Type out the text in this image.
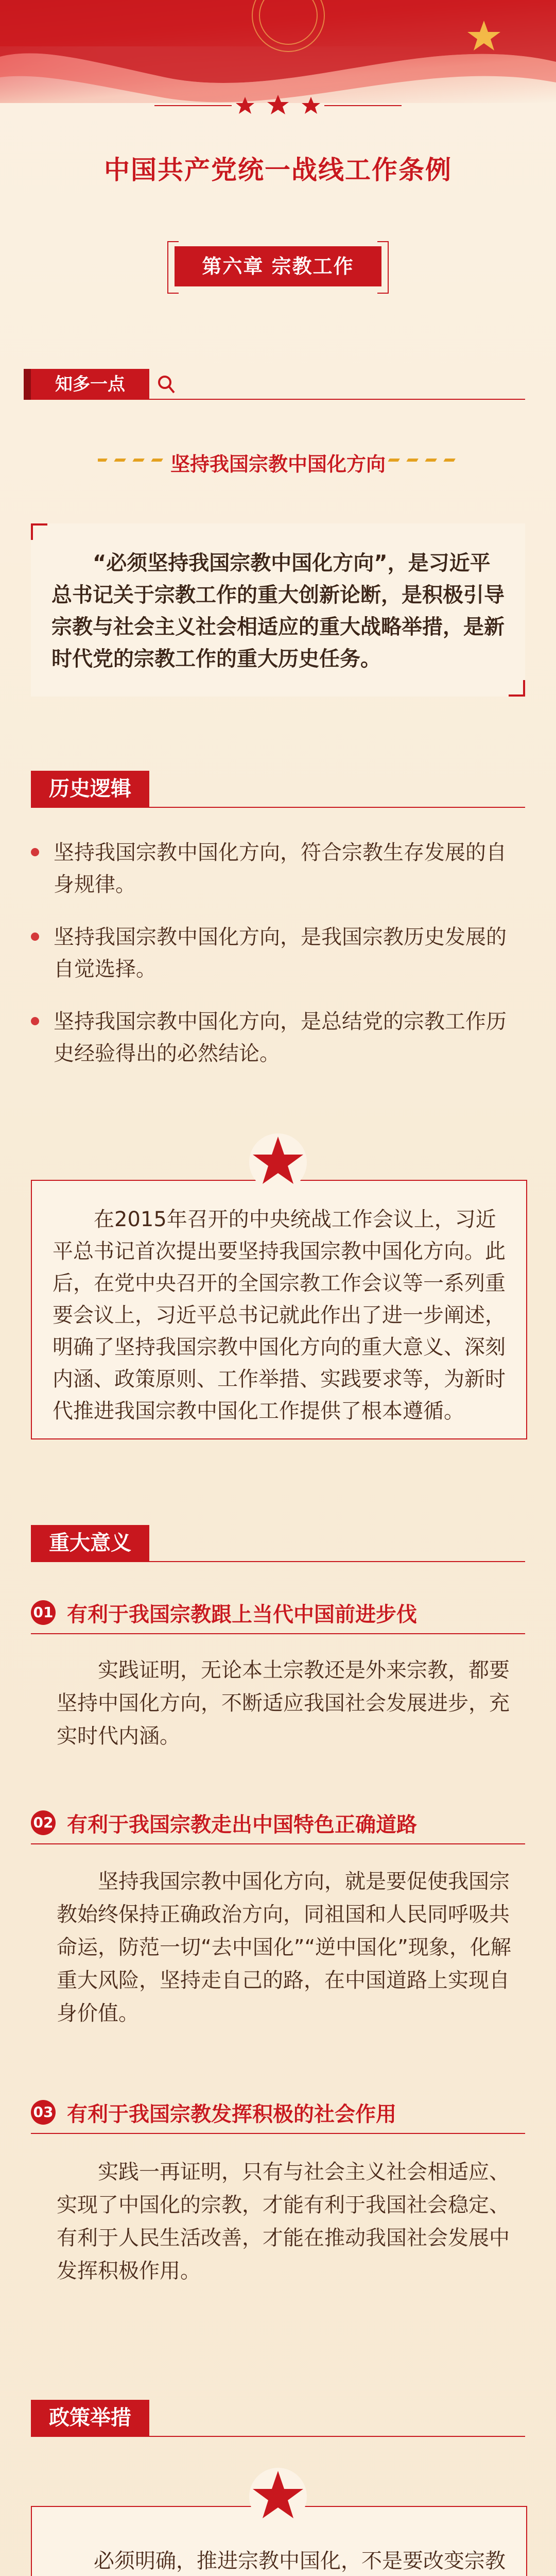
中国共产党统一战线工作条例
第六章 宗教工作
知多一点
坚持我国宗教中国化方向
“必须坚持我国宗教中国化方向”，是习近平总书记关于宗教工作的重大创新论断，是积极引导宗教与社会主义社会相适应的重大战略举措，是新时代党的宗教工作的重大历史任务。
历史逻辑
坚持我国宗教中国化方向，符合宗教生存发展的自身规律。
坚持我国宗教中国化方向，是我国宗教历史发展的自觉选择。
坚持我国宗教中国化方向，是总结党的宗教工作历史经验得出的必然结论。
在2015年召开的中央统战工作会议上，习近平总书记首次提出要坚持我国宗教中国化方向。此后，在党中央召开的全国宗教工作会议等一系列重要会议上，习近平总书记就此作出了进一步阐述，明确了坚持我国宗教中国化方向的重大意义、深刻内涵、政策原则、工作举措、实践要求等，为新时代推进我国宗教中国化工作提供了根本遵循。
重大意义
01 有利于我国宗教跟上当代中国前进步伐
实践证明，无论本土宗教还是外来宗教，都要坚持中国化方向，不断适应我国社会发展进步，充实时代内涵。
02 有利于我国宗教走出中国特色正确道路
坚持我国宗教中国化方向，就是要促使我国宗教始终保持正确政治方向，同祖国和人民同呼吸共命运，防范一切“去中国化”“逆中国化”现象，化解重大风险，坚持走自己的路，在中国道路上实现自身价值。
03 有利于我国宗教发挥积极的社会作用
实践一再证明，只有与社会主义社会相适应、实现了中国化的宗教，才能有利于我国社会稳定、有利于人民生活改善，才能在推动我国社会发展中发挥积极作用。
政策举措
必须明确，推进宗教中国化，不是要改变宗教
